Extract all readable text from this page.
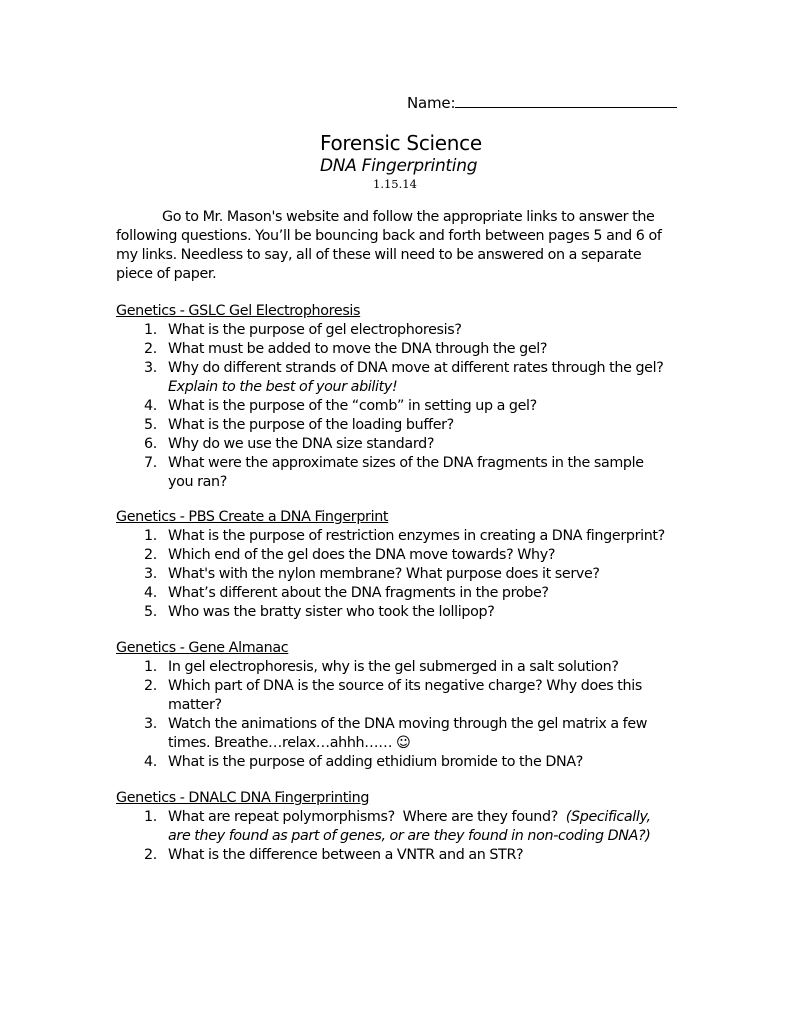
Name:
Forensic Science
DNA Fingerprinting
1.15.14
Go to Mr. Mason's website and follow the appropriate links to answer the
following questions. You’ll be bouncing back and forth between pages 5 and 6 of
my links. Needless to say, all of these will need to be answered on a separate
piece of paper.
Genetics - GSLC Gel Electrophoresis
1. What is the purpose of gel electrophoresis?
2. What must be added to move the DNA through the gel?
3. Why do different strands of DNA move at different rates through the gel?
Explain to the best of your ability!
4. What is the purpose of the “comb” in setting up a gel?
5. What is the purpose of the loading buffer?
6. Why do we use the DNA size standard?
7. What were the approximate sizes of the DNA fragments in the sample
you ran?
Genetics - PBS Create a DNA Fingerprint
1. What is the purpose of restriction enzymes in creating a DNA fingerprint?
2. Which end of the gel does the DNA move towards? Why?
3. What's with the nylon membrane? What purpose does it serve?
4. What’s different about the DNA fragments in the probe?
5. Who was the bratty sister who took the lollipop?
Genetics - Gene Almanac
1. In gel electrophoresis, why is the gel submerged in a salt solution?
2. Which part of DNA is the source of its negative charge? Why does this
matter?
3. Watch the animations of the DNA moving through the gel matrix a few
times. Breathe…relax…ahhh…… ☺
4. What is the purpose of adding ethidium bromide to the DNA?
Genetics - DNALC DNA Fingerprinting
1. What are repeat polymorphisms?  Where are they found?  (Specifically,
are they found as part of genes, or are they found in non-coding DNA?)
2. What is the difference between a VNTR and an STR?
